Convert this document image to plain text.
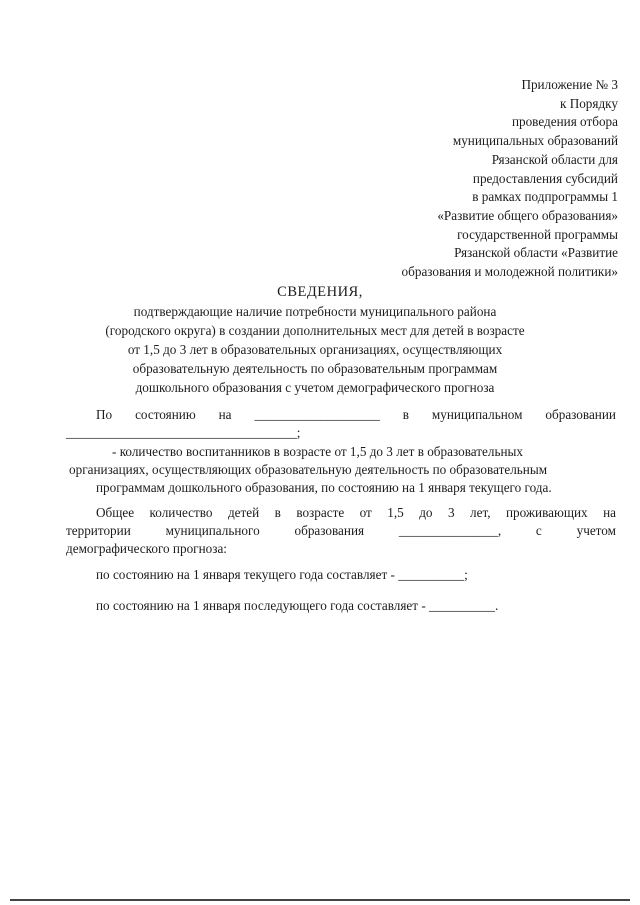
Приложение № 3
к Порядку
проведения отбора
муниципальных образований
Рязанской области для
предоставления субсидий
в рамках подпрограммы 1
«Развитие общего образования»
государственной программы
Рязанской области «Развитие
образования и молодежной политики»
СВЕДЕНИЯ,
подтверждающие наличие потребности муниципального района
(городского округа) в создании дополнительных мест для детей в возрасте
от 1,5 до 3 лет в образовательных организациях, осуществляющих
образовательную деятельность по образовательным программам
дошкольного образования с учетом демографического прогноза
По состоянию на ___________________ в муниципальном образовании
___________________________________;
- количество воспитанников в возрасте от 1,5 до 3 лет в образовательных
организациях, осуществляющих образовательную деятельность по образовательным
программам дошкольного образования, по состоянию на 1 января текущего года.
Общее количество детей в возрасте от 1,5 до 3 лет, проживающих на
территории	муниципального	образования	_______________,	с	учетом
демографического прогноза:
по состоянию на 1 января текущего года составляет - __________;
по состоянию на 1 января последующего года составляет - __________.
